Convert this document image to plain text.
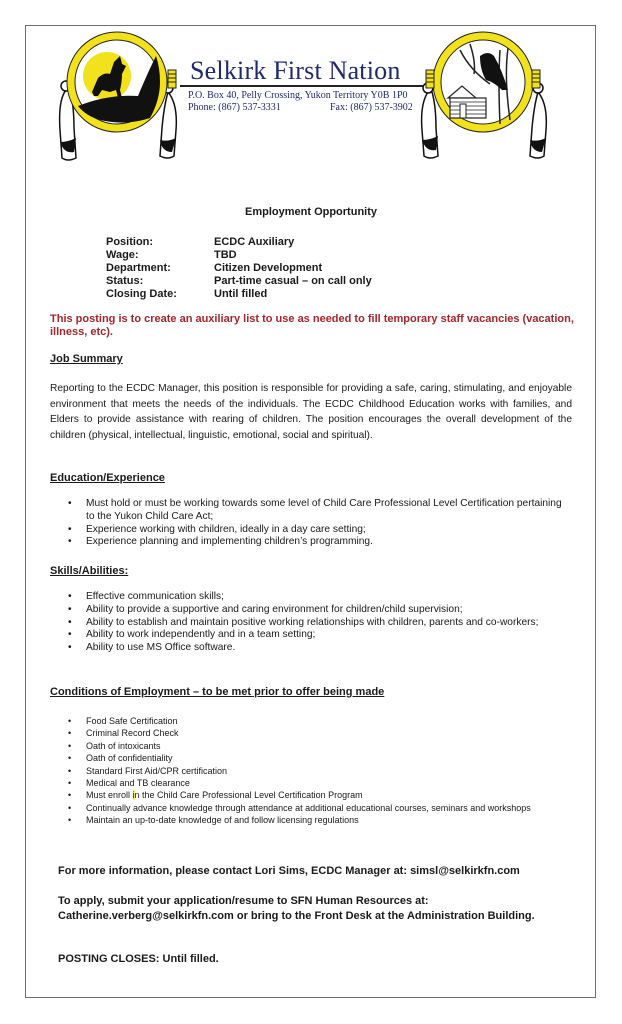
Selkirk First Nation
P.O. Box 40, Pelly Crossing, Yukon Territory Y0B 1P0
Phone: (867) 537-3331	Fax: (867) 537-3902
Employment Opportunity
Position:	ECDC Auxiliary
Wage:	TBD
Department:	Citizen Development
Status:	Part-time casual – on call only
Closing Date:	Until filled
This posting is to create an auxiliary list to use as needed to fill temporary staff vacancies (vacation, illness, etc).
Job Summary
Reporting to the ECDC Manager, this position is responsible for providing a safe, caring, stimulating, and enjoyable environment that meets the needs of the individuals. The ECDC Childhood Education works with families, and Elders to provide assistance with rearing of children. The position encourages the overall development of the children (physical, intellectual, linguistic, emotional, social and spiritual).
Education/Experience
• Must hold or must be working towards some level of Child Care Professional Level Certification pertaining to the Yukon Child Care Act;
• Experience working with children, ideally in a day care setting;
• Experience planning and implementing children’s programming.
Skills/Abilities:
• Effective communication skills;
• Ability to provide a supportive and caring environment for children/child supervision;
• Ability to establish and maintain positive working relationships with children, parents and co-workers;
• Ability to work independently and in a team setting;
• Ability to use MS Office software.
Conditions of Employment – to be met prior to offer being made
• Food Safe Certification
• Criminal Record Check
• Oath of intoxicants
• Oath of confidentiality
• Standard First Aid/CPR certification
• Medical and TB clearance
• Must enroll in the Child Care Professional Level Certification Program
• Continually advance knowledge through attendance at additional educational courses, seminars and workshops
• Maintain an up-to-date knowledge of and follow licensing regulations
For more information, please contact Lori Sims, ECDC Manager at: simsl@selkirkfn.com
To apply, submit your application/resume to SFN Human Resources at:
Catherine.verberg@selkirkfn.com or bring to the Front Desk at the Administration Building.
POSTING CLOSES: Until filled.
